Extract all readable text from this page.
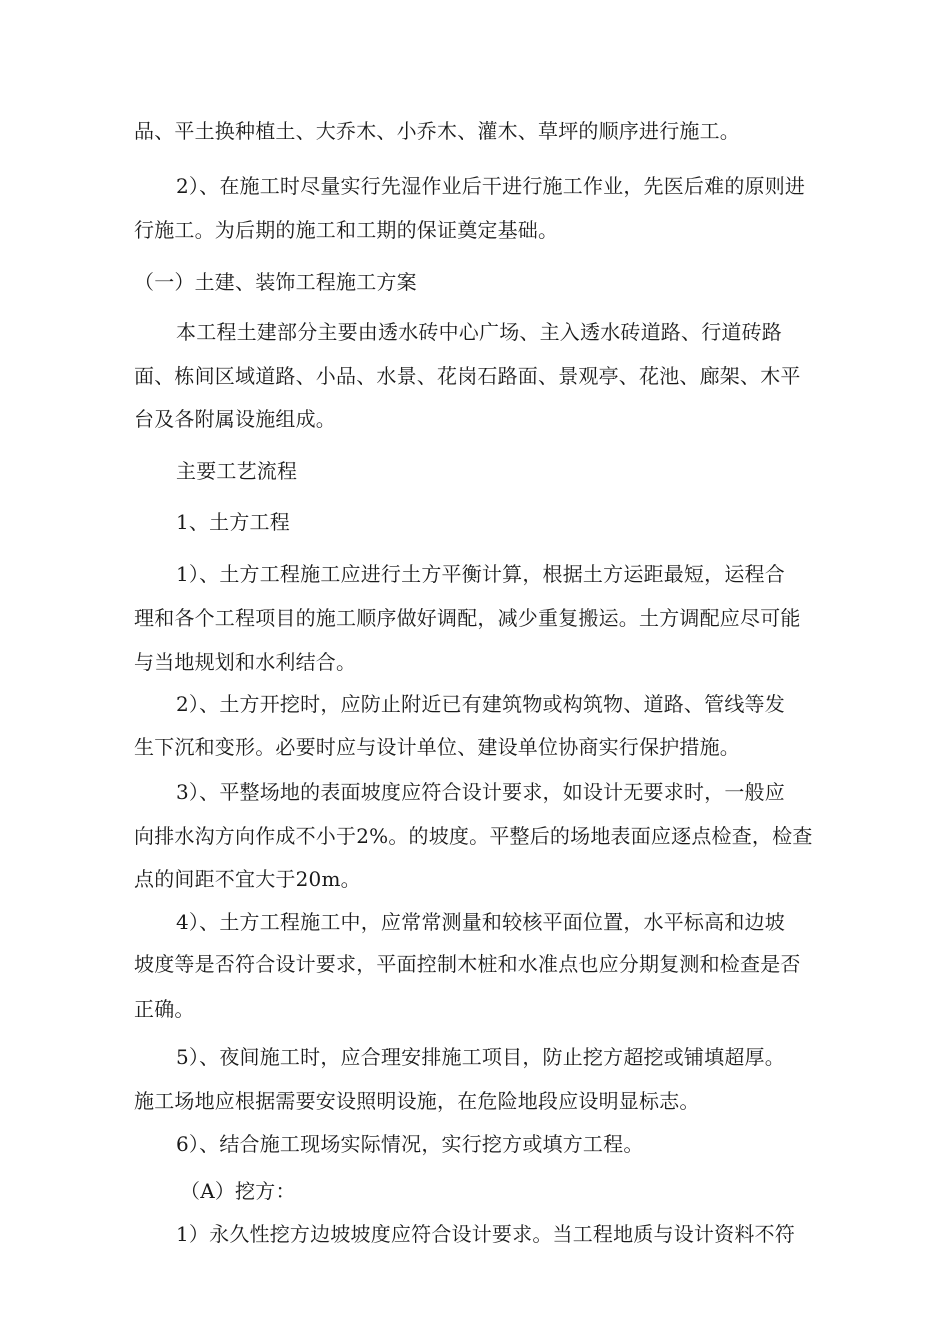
品、平土换种植土、大乔木、小乔木、灌木、草坪的顺序进行施工。
2）、在施工时尽量实行先湿作业后干进行施工作业，先医后难的原则进
行施工。为后期的施工和工期的保证奠定基础。
（一）土建、装饰工程施工方案
本工程土建部分主要由透水砖中心广场、主入透水砖道路、行道砖路
面、栋间区域道路、小品、水景、花岗石路面、景观亭、花池、廊架、木平
台及各附属设施组成。
主要工艺流程
1、土方工程
1）、土方工程施工应进行土方平衡计算，根据土方运距最短，运程合
理和各个工程项目的施工顺序做好调配，减少重复搬运。土方调配应尽可能
与当地规划和水利结合。
2）、土方开挖时，应防止附近已有建筑物或构筑物、道路、管线等发
生下沉和变形。必要时应与设计单位、建设单位协商实行保护措施。
3）、平整场地的表面坡度应符合设计要求，如设计无要求时，一般应
向排水沟方向作成不小于2%。的坡度。平整后的场地表面应逐点检查，检查
点的间距不宜大于20m。
4）、土方工程施工中，应常常测量和较核平面位置，水平标高和边坡
坡度等是否符合设计要求，平面控制木桩和水准点也应分期复测和检查是否
正确。
5）、夜间施工时，应合理安排施工项目，防止挖方超挖或铺填超厚。
施工场地应根据需要安设照明设施，在危险地段应设明显标志。
6）、结合施工现场实际情况，实行挖方或填方工程。
（A）挖方：
1）永久性挖方边坡坡度应符合设计要求。当工程地质与设计资料不符
